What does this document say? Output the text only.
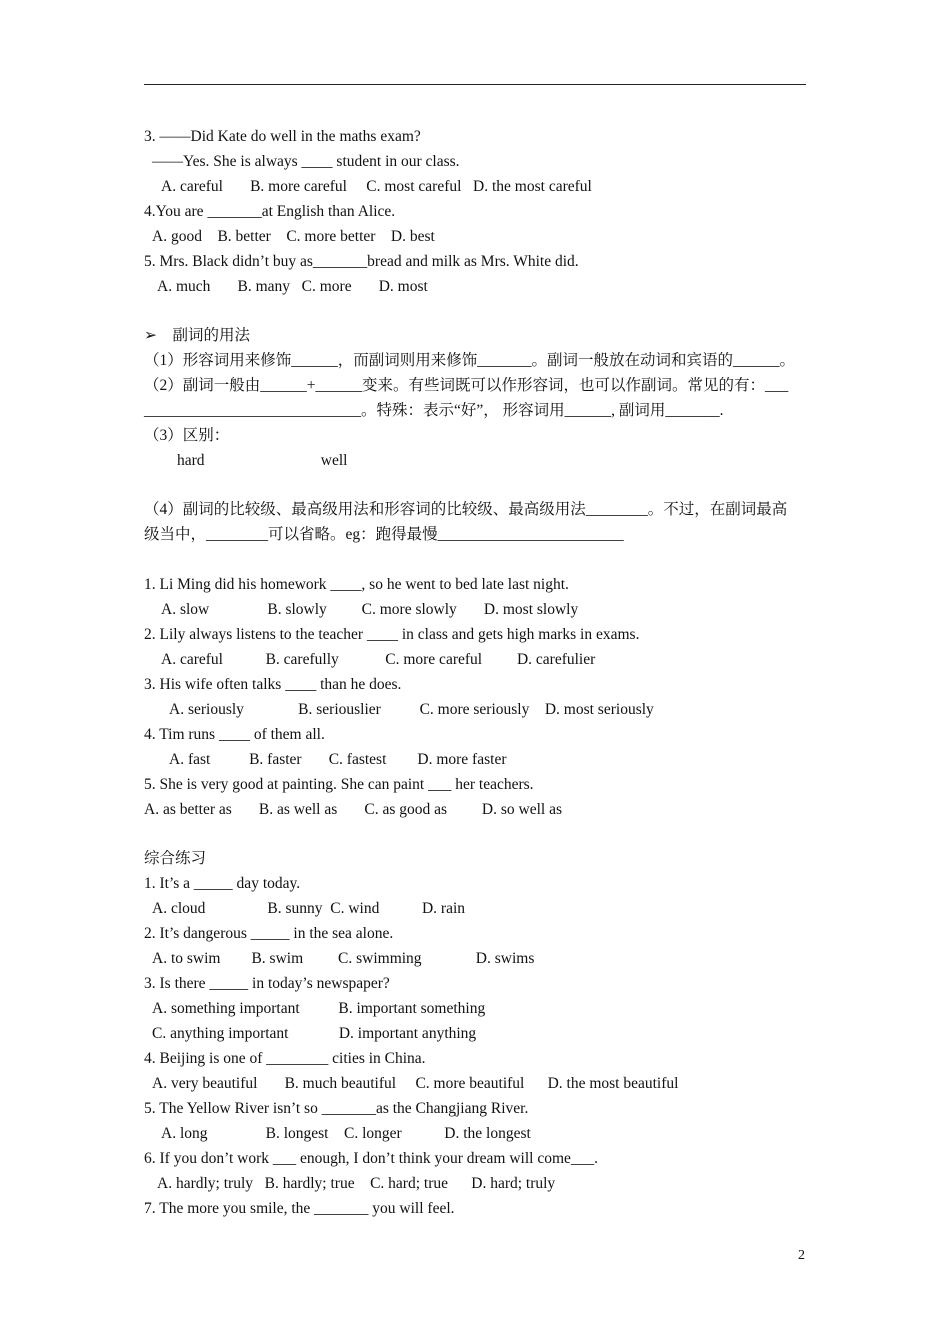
3. ——Did Kate do well in the maths exam?
——Yes. She is always ____ student in our class.
A. careful       B. more careful     C. most careful   D. the most careful
4.You are _______at English than Alice.
A. good    B. better    C. more better    D. best
5. Mrs. Black didn’t buy as_______bread and milk as Mrs. White did.
A. much       B. many   C. more       D. most
➢    副词的用法
（1）形容词用来修饰______，而副词则用来修饰_______。副词一般放在动词和宾语的______。
（2）副词一般由______+______变来。有些词既可以作形容词，也可以作副词。常见的有：___
____________________________。特殊：表示“好”， 形容词用______, 副词用_______.
（3）区别：
hard                              well
（4）副词的比较级、最高级用法和形容词的比较级、最高级用法________。不过，在副词最高
级当中，________可以省略。eg：跑得最慢________________________
1. Li Ming did his homework ____, so he went to bed late last night.
A. slow               B. slowly         C. more slowly       D. most slowly
2. Lily always listens to the teacher ____ in class and gets high marks in exams.
A. careful           B. carefully            C. more careful         D. carefulier
3. His wife often talks ____ than he does.
A. seriously              B. seriouslier          C. more seriously    D. most seriously
4. Tim runs ____ of them all.
A. fast          B. faster       C. fastest        D. more faster
5. She is very good at painting. She can paint ___ her teachers.
A. as better as       B. as well as       C. as good as         D. so well as
综合练习
1. It’s a _____ day today.
A. cloud                B. sunny  C. wind           D. rain
2. It’s dangerous _____ in the sea alone.
A. to swim        B. swim         C. swimming              D. swims
3. Is there _____ in today’s newspaper?
A. something important          B. important something
C. anything important             D. important anything
4. Beijing is one of ________ cities in China.
A. very beautiful       B. much beautiful     C. more beautiful      D. the most beautiful
5. The Yellow River isn’t so _______as the Changjiang River.
A. long               B. longest    C. longer           D. the longest
6. If you don’t work ___ enough, I don’t think your dream will come___.
A. hardly; truly   B. hardly; true    C. hard; true      D. hard; truly
7. The more you smile, the _______ you will feel.
2
